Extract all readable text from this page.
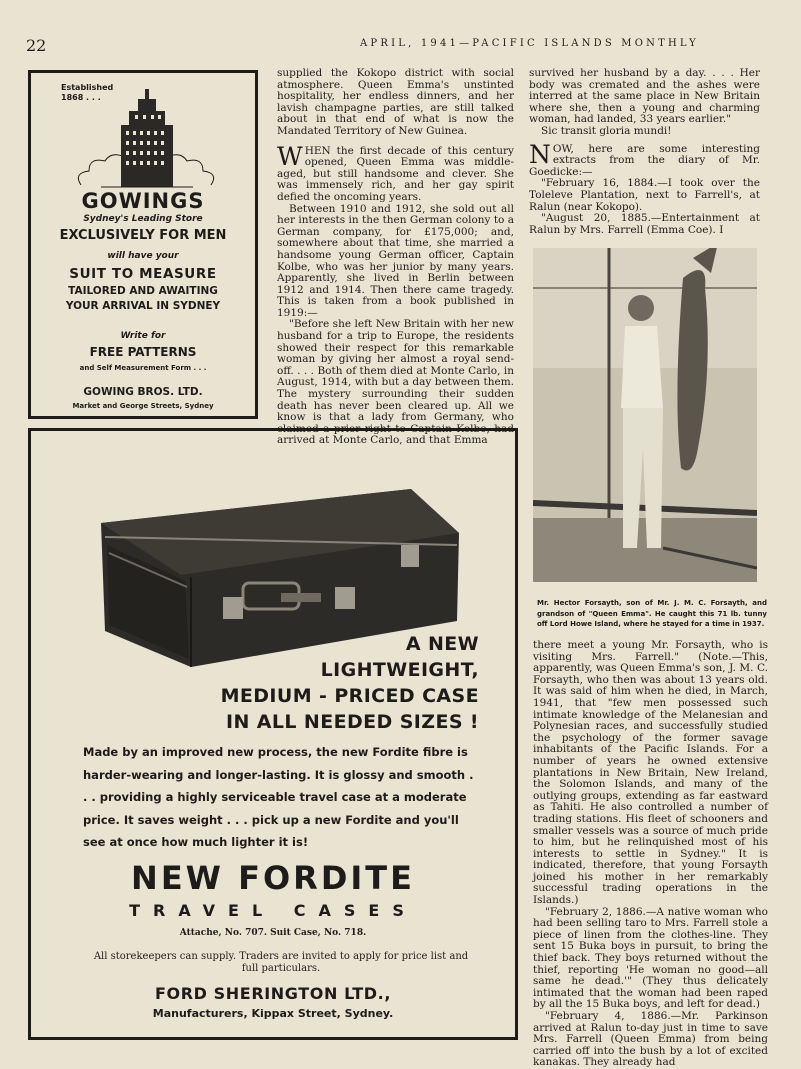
22	APRIL, 1941—PACIFIC ISLANDS MONTHLY
Established
1868 . . .
GOWINGS
Sydney's Leading Store
EXCLUSIVELY FOR MEN
will have your
SUIT TO MEASURE
TAILORED AND AWAITING
YOUR ARRIVAL IN SYDNEY
Write for
FREE PATTERNS
and Self Measurement Form . . .
GOWING BROS. LTD.
Market and George Streets, Sydney

supplied the Kokopo district with social atmosphere. Queen Emma's unstinted hospitality, her endless dinners, and her lavish champagne parties, are still talked about in that end of what is now the Mandated Territory of New Guinea.

WHEN the first decade of this century opened, Queen Emma was middle-aged, but still handsome and clever. She was immensely rich, and her gay spirit defied the oncoming years.

Between 1910 and 1912, she sold out all her interests in the then German colony to a German company, for £175,000; and, somewhere about that time, she married a handsome young German officer, Captain Kolbe, who was her junior by many years. Apparently, she lived in Berlin between 1912 and 1914. Then there came tragedy. This is taken from a book published in 1919:—

"Before she left New Britain with her new husband for a trip to Europe, the residents showed their respect for this remarkable woman by giving her almost a royal send-off. . . . Both of them died at Monte Carlo, in August, 1914, with but a day between them. The mystery surrounding their sudden death has never been cleared up. All we know is that a lady from Germany, who claimed a prior right to Captain Kolbe, had arrived at Monte Carlo, and that Emma

survived her husband by a day. . . . Her body was cremated and the ashes were interred at the same place in New Britain where she, then a young and charming woman, had landed, 33 years earlier."

Sic transit gloria mundi!

NOW, here are some interesting extracts from the diary of Mr. Goedicke:—

"February 16, 1884.—I took over the Toleleve Plantation, next to Farrell's, at Ralun (near Kokopo).

"August 20, 1885.—Entertainment at Ralun by Mrs. Farrell (Emma Coe). I

Mr. Hector Forsayth, son of Mr. J. M. C. Forsayth, and grandson of "Queen Emma". He caught this 71 lb. tunny off Lord Howe Island, where he stayed for a time in 1937.

there meet a young Mr. Forsayth, who is visiting Mrs. Farrell." (Note.—This, apparently, was Queen Emma's son, J. M. C. Forsayth, who then was about 13 years old. It was said of him when he died, in March, 1941, that "few men possessed such intimate knowledge of the Melanesian and Polynesian races, and successfully studied the psychology of the former savage inhabitants of the Pacific Islands. For a number of years he owned extensive plantations in New Britain, New Ireland, the Solomon Islands, and many of the outlying groups, extending as far eastward as Tahiti. He also controlled a number of trading stations. His fleet of schooners and smaller vessels was a source of much pride to him, but he relinquished most of his interests to settle in Sydney." It is indicated, therefore, that young Forsayth joined his mother in her remarkably successful trading operations in the Islands.)

"February 2, 1886.—A native woman who had been selling taro to Mrs. Farrell stole a piece of linen from the clothes-line. They sent 15 Buka boys in pursuit, to bring the thief back. They boys returned without the thief, reporting 'He woman no good—all same he dead.'" (They thus delicately intimated that the woman had been raped by all the 15 Buka boys, and left for dead.)

"February 4, 1886.—Mr. Parkinson arrived at Ralun to-day just in time to save Mrs. Farrell (Queen Emma) from being carried off into the bush by a lot of excited kanakas. They already had

A NEW
LIGHTWEIGHT,
MEDIUM - PRICED CASE
IN ALL NEEDED SIZES !
Made by an improved new process, the new Fordite fibre is harder-wearing and longer-lasting. It is glossy and smooth . . . providing a highly serviceable travel case at a moderate price. It saves weight . . . pick up a new Fordite and you'll see at once how much lighter it is!
NEW FORDITE
TRAVEL CASES
Attache, No. 707. Suit Case, No. 718.
All storekeepers can supply. Traders are invited to apply for price list and full particulars.
FORD SHERINGTON LTD.,
Manufacturers, Kippax Street, Sydney.
